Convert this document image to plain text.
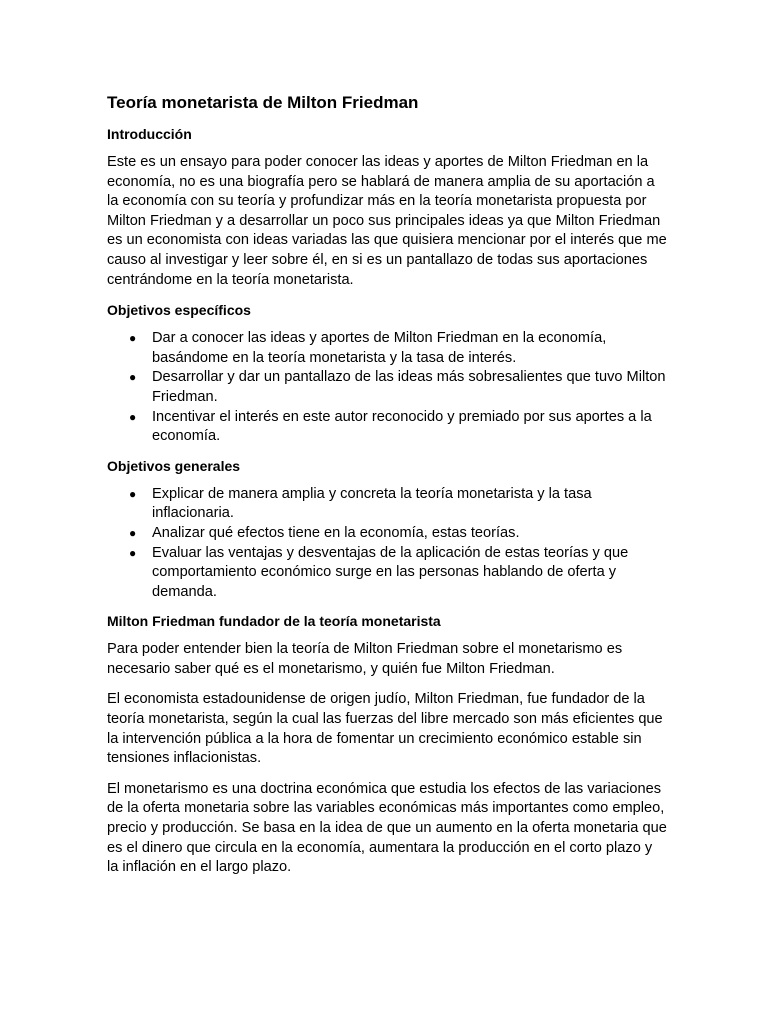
Teoría monetarista de Milton Friedman
Introducción

Este es un ensayo para poder conocer las ideas y aportes de Milton Friedman en la economía, no es una biografía pero se hablará de manera amplia de su aportación a la economía con su teoría y profundizar más en la teoría monetarista propuesta por Milton Friedman y a desarrollar un poco sus principales ideas ya que Milton Friedman es un economista con ideas variadas las que quisiera mencionar por el interés que me causo al investigar y leer sobre él, en si es un pantallazo de todas sus aportaciones centrándome en la teoría monetarista.

Objetivos específicos
● Dar a conocer las ideas y aportes de Milton Friedman en la economía, basándome en la teoría monetarista y la tasa de interés.
● Desarrollar y dar un pantallazo de las ideas más sobresalientes que tuvo Milton Friedman.
● Incentivar el interés en este autor reconocido y premiado por sus aportes a la economía.
Objetivos generales
● Explicar de manera amplia y concreta la teoría monetarista y la tasa inflacionaria.
● Analizar qué efectos tiene en la economía, estas teorías.
● Evaluar las ventajas y desventajas de la aplicación de estas teorías y que comportamiento económico surge en las personas hablando de oferta y demanda.
Milton Friedman fundador de la teoría monetarista

Para poder entender bien la teoría de Milton Friedman sobre el monetarismo es necesario saber qué es el monetarismo, y quién fue Milton Friedman.

El economista estadounidense de origen judío, Milton Friedman, fue fundador de la teoría monetarista, según la cual las fuerzas del libre mercado son más eficientes que la intervención pública a la hora de fomentar un crecimiento económico estable sin tensiones inflacionistas.

El monetarismo es una doctrina económica que estudia los efectos de las variaciones de la oferta monetaria sobre las variables económicas más importantes como empleo, precio y producción. Se basa en la idea de que un aumento en la oferta monetaria que es el dinero que circula en la economía, aumentara la producción en el corto plazo y la inflación en el largo plazo.
